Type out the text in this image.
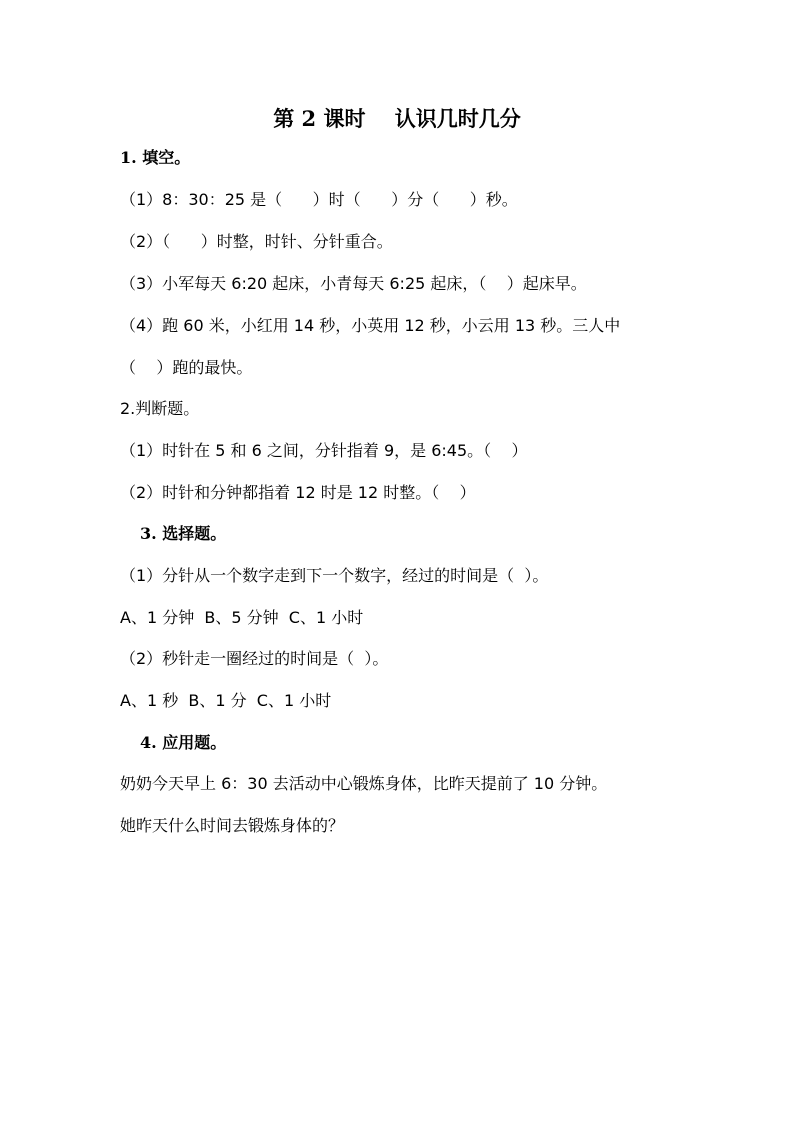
第 2 课时    认识几时几分
1. 填空。
（1）8：30：25 是（      ）时（      ）分（      ）秒。
（2）（      ）时整，时针、分针重合。
（3）小军每天 6:20 起床，小青每天 6:25 起床，（    ）起床早。
（4）跑 60 米，小红用 14 秒，小英用 12 秒，小云用 13 秒。三人中
（    ）跑的最快。
2.判断题。
（1）时针在 5 和 6 之间，分针指着 9，是 6:45。（    ）
（2）时针和分钟都指着 12 时是 12 时整。（    ）
3. 选择题。
（1）分针从一个数字走到下一个数字，经过的时间是（  ）。
A、1 分钟  B、5 分钟  C、1 小时
（2）秒针走一圈经过的时间是（  ）。
A、1 秒  B、1 分  C、1 小时
4. 应用题。
奶奶今天早上 6：30 去活动中心锻炼身体，比昨天提前了 10 分钟。
她昨天什么时间去锻炼身体的？
